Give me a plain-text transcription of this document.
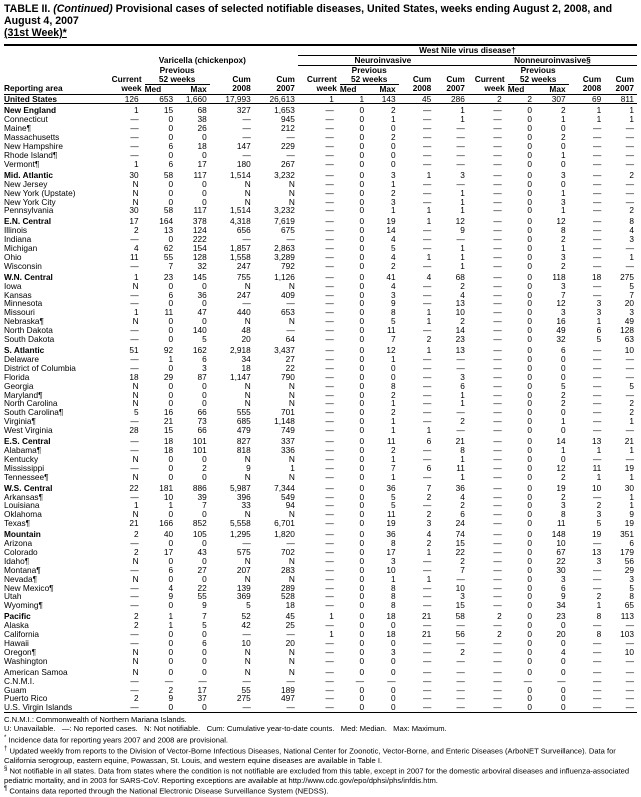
TABLE II. (Continued) Provisional cases of selected notifiable diseases, United States, weeks ending August 2, 2008, and August 4, 2007
(31st Week)*
						West Nile virus disease†									
	Varicella (chickenpox)					Neuroinvasive					Nonneuroinvasive§				
		Previous					Previous					Previous			
	Current	52 weeks		Cum	Cum	Current	52 weeks		Cum	Cum	Current	52 weeks		Cum	Cum
Reporting area	week	Med	Max	2008	2007	week	Med	Max	2008	2007	week	Med	Max	2008	2007
United States	126	653	1,660	17,993	26,613	1	1	143	45	286	2	2	307	69	811
New England	1	15	68	327	1,653	—	0	2	—	1	—	0	2	1	1
Connecticut	—	0	38	—	945	—	0	1	—	1	—	0	1	1	1
Maine¶	—	0	26	—	212	—	0	0	—	—	—	0	0	—	—
Massachusetts	—	0	0	—	—	—	0	2	—	—	—	0	2	—	—
New Hampshire	—	6	18	147	229	—	0	0	—	—	—	0	0	—	—
Rhode Island¶	—	0	0	—	—	—	0	0	—	—	—	0	1	—	—
Vermont¶	1	6	17	180	267	—	0	0	—	—	—	0	0	—	—
Mid. Atlantic	30	58	117	1,514	3,232	—	0	3	1	3	—	0	3	—	2
New Jersey	N	0	0	N	N	—	0	1	—	—	—	0	0	—	—
New York (Upstate)	N	0	0	N	N	—	0	2	—	1	—	0	1	—	—
New York City	N	0	0	N	N	—	0	3	—	1	—	0	3	—	—
Pennsylvania	30	58	117	1,514	3,232	—	0	1	1	1	—	0	1	—	2
E.N. Central	17	164	378	4,318	7,619	—	0	19	1	12	—	0	12	—	8
Illinois	2	13	124	656	675	—	0	14	—	9	—	0	8	—	4
Indiana	—	0	222	—	—	—	0	4	—	—	—	0	2	—	3
Michigan	4	62	154	1,857	2,863	—	0	5	—	1	—	0	1	—	—
Ohio	11	55	128	1,558	3,289	—	0	4	1	1	—	0	3	—	1
Wisconsin	—	7	32	247	792	—	0	2	—	1	—	0	2	—	—
W.N. Central	1	23	145	755	1,126	—	0	41	4	68	—	0	118	18	275
Iowa	N	0	0	N	N	—	0	4	—	2	—	0	3	—	5
Kansas	—	6	36	247	409	—	0	3	—	4	—	0	7	—	7
Minnesota	—	0	0	—	—	—	0	9	—	13	—	0	12	3	20
Missouri	1	11	47	440	653	—	0	8	1	10	—	0	3	3	3
Nebraska¶	N	0	0	N	N	—	0	5	1	2	—	0	16	1	49
North Dakota	—	0	140	48	—	—	0	11	—	14	—	0	49	6	128
South Dakota	—	0	5	20	64	—	0	7	2	23	—	0	32	5	63
S. Atlantic	51	92	162	2,918	3,437	—	0	12	1	13	—	0	6	—	10
Delaware	—	1	6	34	27	—	0	1	—	—	—	0	0	—	—
District of Columbia	—	0	3	18	22	—	0	0	—	—	—	0	0	—	—
Florida	18	29	87	1,147	790	—	0	0	—	3	—	0	0	—	—
Georgia	N	0	0	N	N	—	0	8	—	6	—	0	5	—	5
Maryland¶	N	0	0	N	N	—	0	2	—	1	—	0	2	—	—
North Carolina	N	0	0	N	N	—	0	1	—	1	—	0	2	—	2
South Carolina¶	5	16	66	555	701	—	0	2	—	—	—	0	0	—	2
Virginia¶	—	21	73	685	1,148	—	0	1	—	2	—	0	1	—	1
West Virginia	28	15	66	479	749	—	0	1	1	—	—	0	0	—	—
E.S. Central	—	18	101	827	337	—	0	11	6	21	—	0	14	13	21
Alabama¶	—	18	101	818	336	—	0	2	—	8	—	0	1	1	1
Kentucky	N	0	0	N	N	—	0	1	—	1	—	0	0	—	—
Mississippi	—	0	2	9	1	—	0	7	6	11	—	0	12	11	19
Tennessee¶	N	0	0	N	N	—	0	1	—	1	—	0	2	1	1
W.S. Central	22	181	886	5,987	7,344	—	0	36	7	36	—	0	19	10	30
Arkansas¶	—	10	39	396	549	—	0	5	2	4	—	0	2	—	1
Louisiana	1	1	7	33	94	—	0	5	—	2	—	0	3	2	1
Oklahoma	N	0	0	N	N	—	0	11	2	6	—	0	8	3	9
Texas¶	21	166	852	5,558	6,701	—	0	19	3	24	—	0	11	5	19
Mountain	2	40	105	1,295	1,820	—	0	36	4	74	—	0	148	19	351
Arizona	—	0	0	—	—	—	0	8	2	15	—	0	10	—	6
Colorado	2	17	43	575	702	—	0	17	1	22	—	0	67	13	179
Idaho¶	N	0	0	N	N	—	0	3	—	2	—	0	22	3	56
Montana¶	—	6	27	207	283	—	0	10	—	7	—	0	30	—	29
Nevada¶	N	0	0	N	N	—	0	1	1	—	—	0	3	—	3
New Mexico¶	—	4	22	139	289	—	0	8	—	10	—	0	6	—	5
Utah	—	9	55	369	528	—	0	8	—	3	—	0	9	2	8
Wyoming¶	—	0	9	5	18	—	0	8	—	15	—	0	34	1	65
Pacific	2	1	7	52	45	1	0	18	21	58	2	0	23	8	113
Alaska	2	1	5	42	25	—	0	0	—	—	—	0	0	—	—
California	—	0	0	—	—	1	0	18	21	56	2	0	20	8	103
Hawaii	—	0	6	10	20	—	0	0	—	—	—	0	0	—	—
Oregon¶	N	0	0	N	N	—	0	3	—	2	—	0	4	—	10
Washington	N	0	0	N	N	—	0	0	—	—	—	0	0	—	—
American Samoa	N	0	0	N	N	—	0	0	—	—	—	0	0	—	—
C.N.M.I.	—	—	—	—	—	—	—	—	—	—	—	—	—	—	—
Guam	—	2	17	55	189	—	0	0	—	—	—	0	0	—	—
Puerto Rico	2	9	37	275	497	—	0	0	—	—	—	0	0	—	—
U.S. Virgin Islands	—	0	0	—	—	—	0	0	—	—	—	0	0	—	—
C.N.M.I.: Commonwealth of Northern Mariana Islands.
U: Unavailable.   —: No reported cases.   N: Not notifiable.   Cum: Cumulative year-to-date counts.   Med: Median.   Max: Maximum.
* Incidence data for reporting years 2007 and 2008 are provisional.
† Updated weekly from reports to the Division of Vector-Borne Infectious Diseases, National Center for Zoonotic, Vector-Borne, and Enteric Diseases (ArboNET Surveillance). Data for California serogroup, eastern equine, Powassan, St. Louis, and western equine diseases are available in Table I.
§ Not notifiable in all states. Data from states where the condition is not notifiable are excluded from this table, except in 2007 for the domestic arboviral diseases and influenza-associated pediatric mortality, and in 2003 for SARS-CoV. Reporting exceptions are available at http://www.cdc.gov/epo/dphsi/phs/infdis.htm.
¶ Contains data reported through the National Electronic Disease Surveillance System (NEDSS).
